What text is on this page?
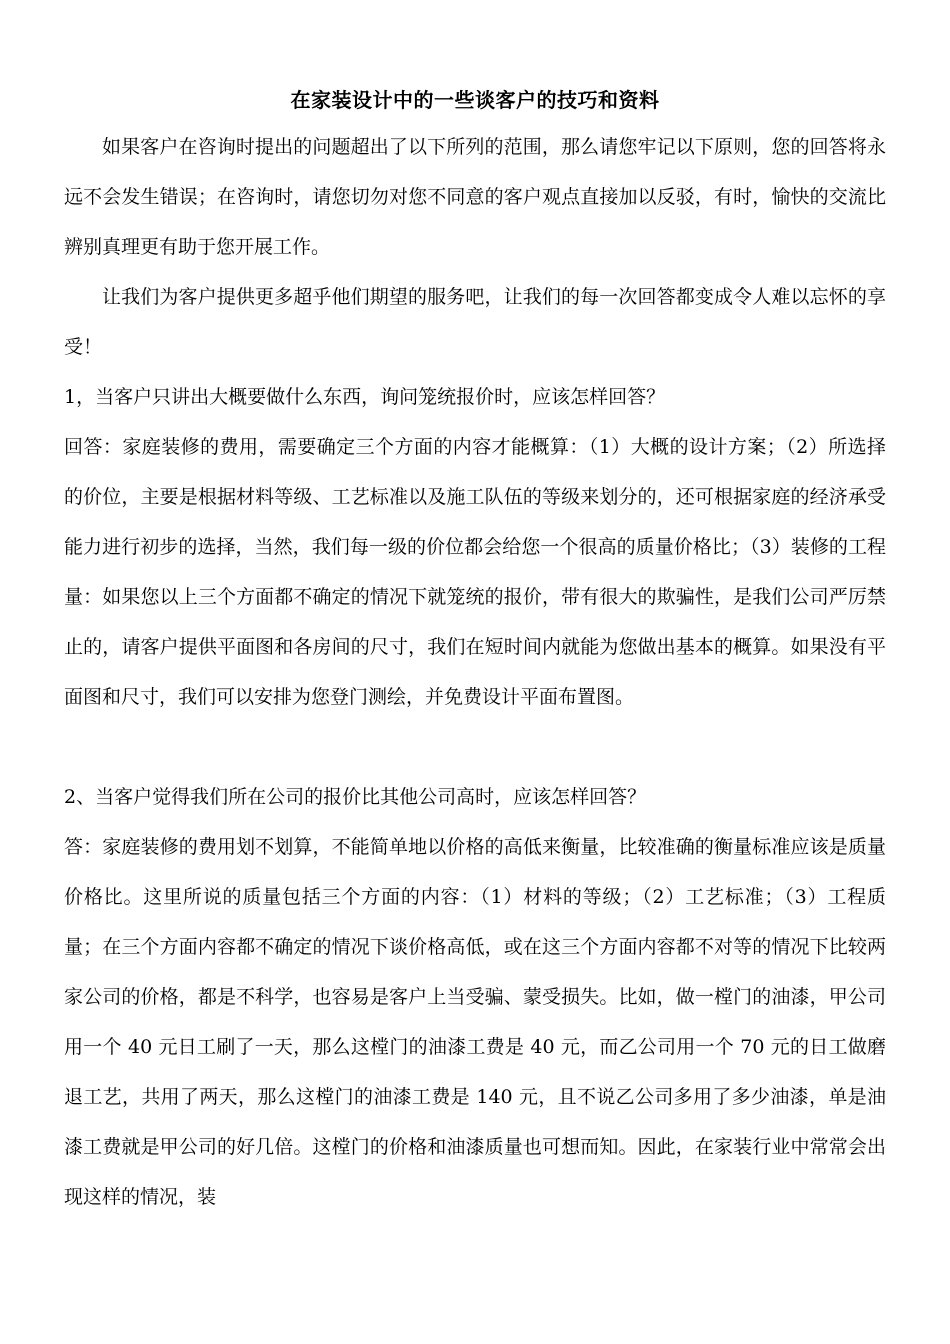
在家装设计中的一些谈客户的技巧和资料

如果客户在咨询时提出的问题超出了以下所列的范围，那么请您牢记以下原则，您的回答将永远不会发生错误；在咨询时，请您切勿对您不同意的客户观点直接加以反驳，有时，愉快的交流比辨别真理更有助于您开展工作。

让我们为客户提供更多超乎他们期望的服务吧，让我们的每一次回答都变成令人难以忘怀的享受！

1，当客户只讲出大概要做什么东西，询问笼统报价时，应该怎样回答？

回答：家庭装修的费用，需要确定三个方面的内容才能概算：（1）大概的设计方案；（2）所选择的价位，主要是根据材料等级、工艺标准以及施工队伍的等级来划分的，还可根据家庭的经济承受能力进行初步的选择，当然，我们每一级的价位都会给您一个很高的质量价格比；（3）装修的工程量：如果您以上三个方面都不确定的情况下就笼统的报价，带有很大的欺骗性，是我们公司严厉禁止的，请客户提供平面图和各房间的尺寸，我们在短时间内就能为您做出基本的概算。如果没有平面图和尺寸，我们可以安排为您登门测绘，并免费设计平面布置图。

2、当客户觉得我们所在公司的报价比其他公司高时，应该怎样回答？

答：家庭装修的费用划不划算，不能简单地以价格的高低来衡量，比较准确的衡量标准应该是质量价格比。这里所说的质量包括三个方面的内容：（1）材料的等级；（2）工艺标准；（3）工程质量；在三个方面内容都不确定的情况下谈价格高低，或在这三个方面内容都不对等的情况下比较两家公司的价格，都是不科学，也容易是客户上当受骗、蒙受损失。比如，做一樘门的油漆，甲公司用一个 40 元日工刷了一天，那么这樘门的油漆工费是 40 元，而乙公司用一个 70 元的日工做磨退工艺，共用了两天，那么这樘门的油漆工费是 140 元，且不说乙公司多用了多少油漆，单是油漆工费就是甲公司的好几倍。这樘门的价格和油漆质量也可想而知。因此，在家装行业中常常会出现这样的情况，装
